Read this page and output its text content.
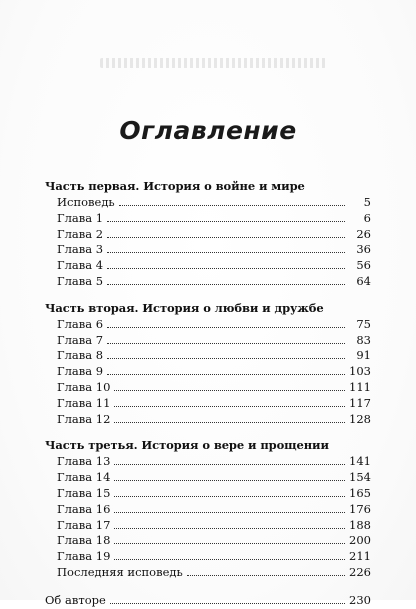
Оглавление
Часть первая. История о войне и мире
Исповедь	5
Глава 1	6
Глава 2	26
Глава 3	36
Глава 4	56
Глава 5	64
Часть вторая. История о любви и дружбе
Глава 6	75
Глава 7	83
Глава 8	91
Глава 9	103
Глава 10	111
Глава 11	117
Глава 12	128
Часть третья. История о вере и прощении
Глава 13	141
Глава 14	154
Глава 15	165
Глава 16	176
Глава 17	188
Глава 18	200
Глава 19	211
Последняя исповедь	226
Об авторе	230
